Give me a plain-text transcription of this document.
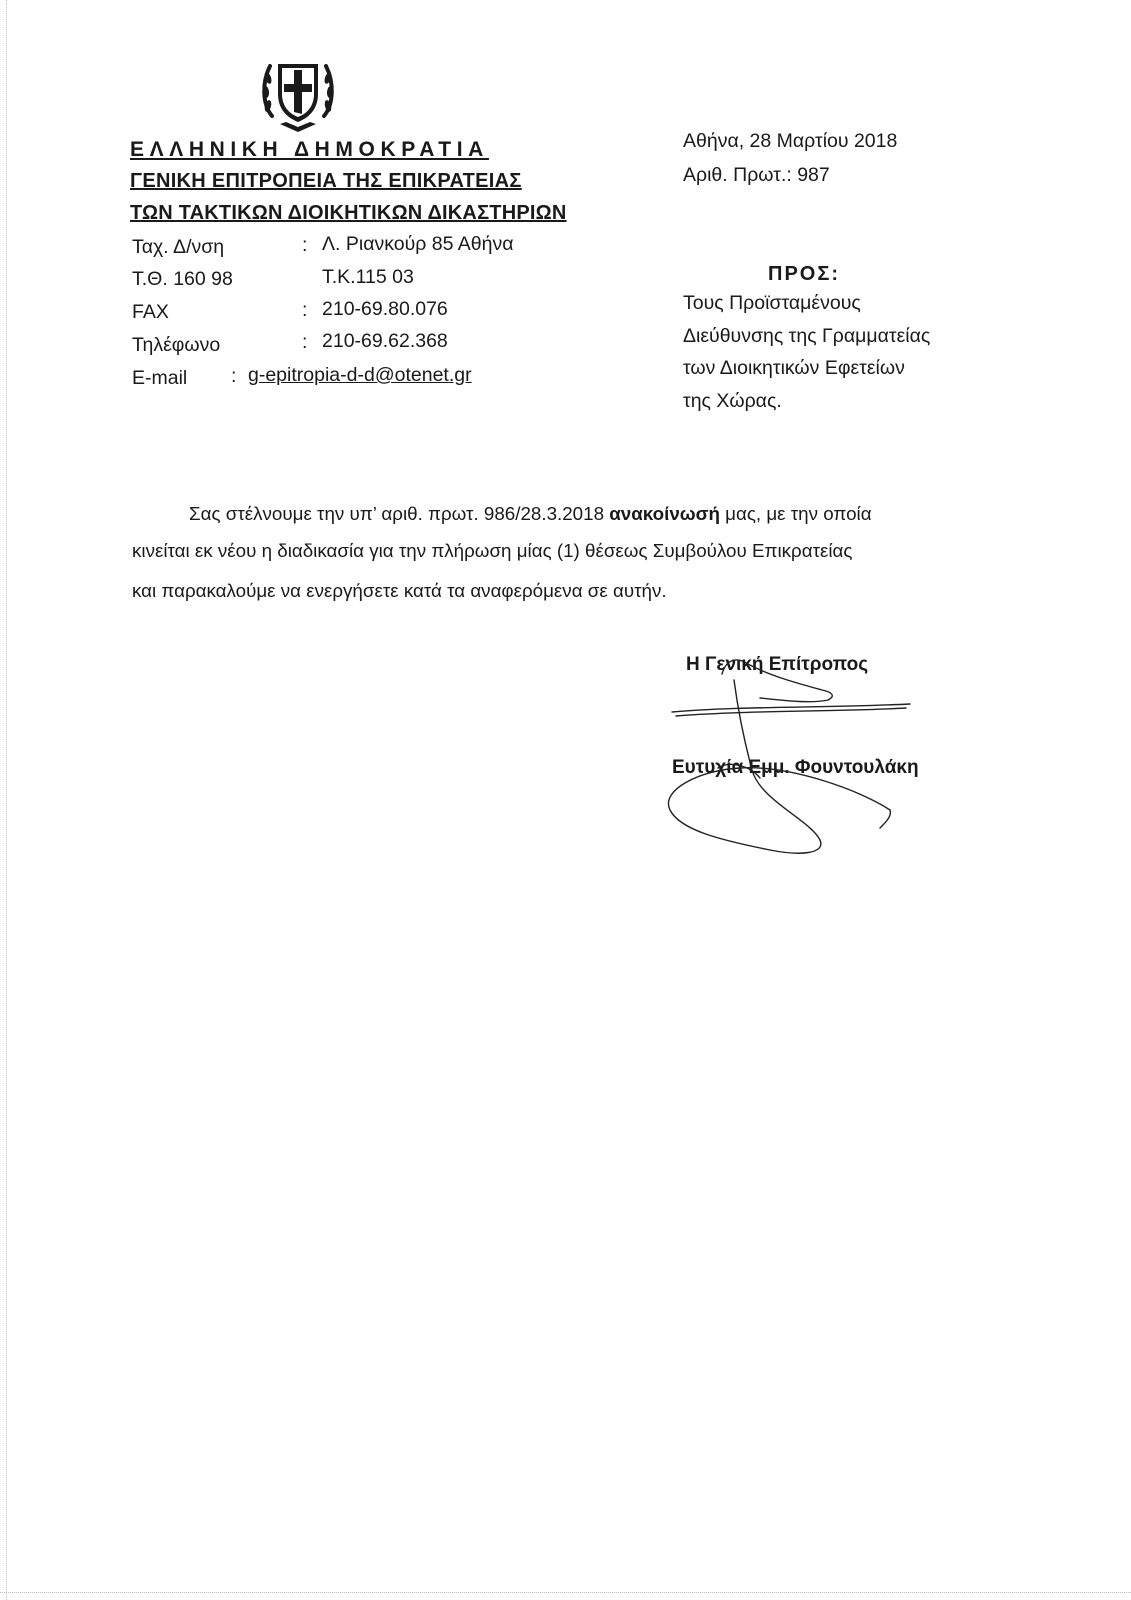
ΕΛΛΗΝΙΚΗ ΔΗΜΟΚΡΑΤΙΑ
ΓΕΝΙΚΗ ΕΠΙΤΡΟΠΕΙΑ ΤΗΣ ΕΠΙΚΡΑΤΕΙΑΣ
ΤΩΝ ΤΑΚΤΙΚΩΝ ΔΙΟΙΚΗΤΙΚΩΝ ΔΙΚΑΣΤΗΡΙΩΝ
Ταχ. Δ/νση	: Λ. Ριανκούρ 85 Αθήνα
Τ.Θ. 160 98	Τ.Κ.115 03
FAX	: 210-69.80.076
Τηλέφωνο	: 210-69.62.368
E-mail : g-epitropia-d-d@otenet.gr
Αθήνα, 28 Μαρτίου 2018
Αριθ. Πρωτ.: 987
ΠΡΟΣ:
Τους Προϊσταμένους
Διεύθυνσης της Γραμματείας
των Διοικητικών Εφετείων
της Χώρας.
Σας στέλνουμε την υπ’ αριθ. πρωτ. 986/28.3.2018 ανακοίνωσή μας, με την οποία
κινείται εκ νέου η διαδικασία για την πλήρωση μίας (1) θέσεως Συμβούλου Επικρατείας
και παρακαλούμε να ενεργήσετε κατά τα αναφερόμενα σε αυτήν.
Η Γενική Επίτροπος
Ευτυχία Εμμ. Φουντουλάκη
